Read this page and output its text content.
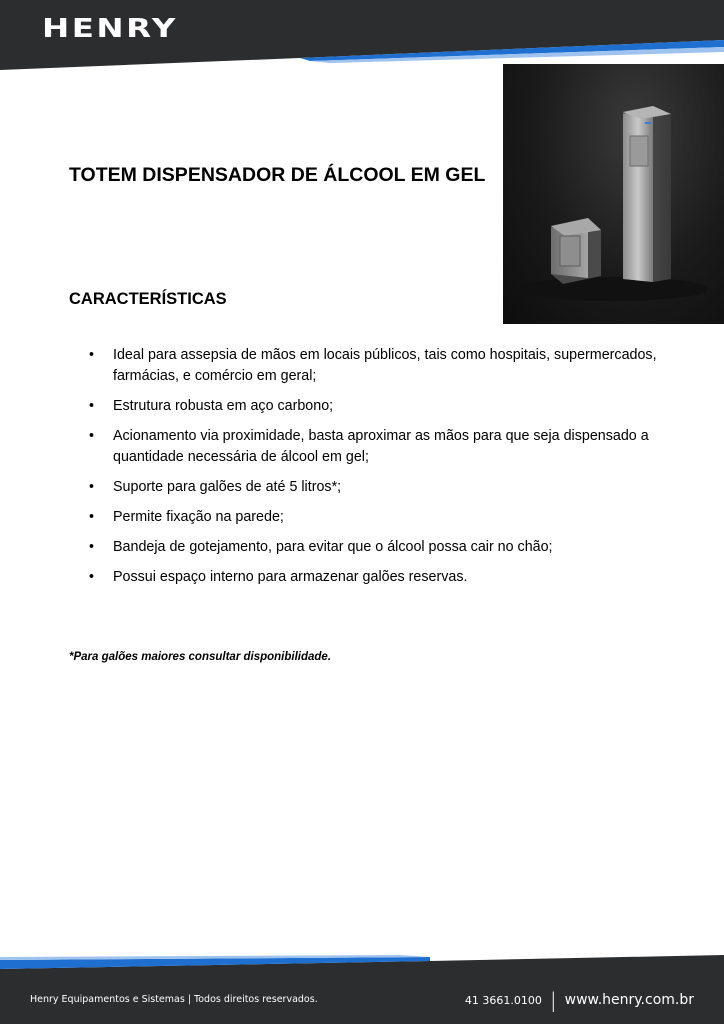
HENRY
TOTEM DISPENSADOR DE ÁLCOOL EM GEL
CARACTERÍSTICAS
• Ideal para assepsia de mãos em locais públicos, tais como hospitais, supermercados, farmácias, e comércio em geral;
• Estrutura robusta em aço carbono;
• Acionamento via proximidade, basta aproximar as mãos para que seja dispensado a quantidade necessária de álcool em gel;
• Suporte para galões de até 5 litros*;
• Permite fixação na parede;
• Bandeja de gotejamento, para evitar que o álcool possa cair no chão;
• Possui espaço interno para armazenar galões reservas.
*Para galões maiores consultar disponibilidade.
Henry Equipamentos e Sistemas | Todos direitos reservados.	41 3661.0100 | www.henry.com.br
